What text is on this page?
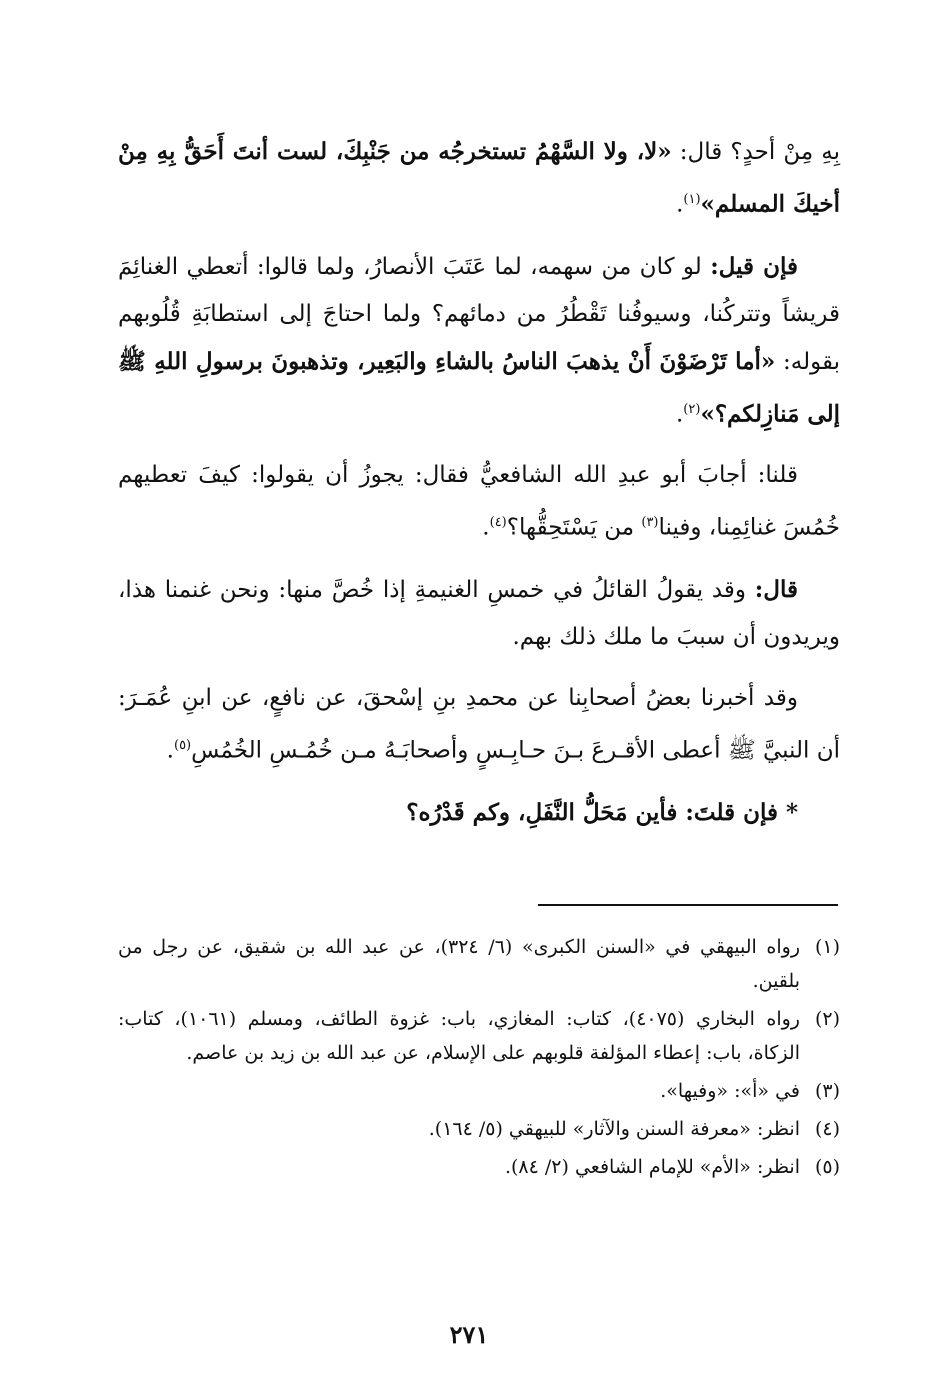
بِهِ مِنْ أحدٍ؟ قال: «لا، ولا السَّهْمُ تستخرجُه من جَنْبِكَ، لست أنتَ أَحَقُّ بِهِ مِنْ أخيكَ المسلم»$^{(١)}$.

فإن قيل: لو كان من سهمه، لما عَتَبَ الأنصارُ، ولما قالوا: أتعطي الغنائِمَ قريشاً وتتركُنا، وسيوفُنا تَقْطُرُ من دمائهم؟ ولما احتاجَ إلى استطابَةِ قُلُوبهم بقوله: «أما تَرْضَوْنَ أَنْ يذهبَ الناسُ بالشاءِ والبَعِير، وتذهبونَ برسولِ اللهِ ﷺ إلى مَنازِلكم؟»$^{(٢)}$.

قلنا: أجابَ أبو عبدِ الله الشافعيُّ فقال: يجوزُ أن يقولوا: كيفَ تعطيهم خُمُسَ غنائِمِنا، وفينا$^{(٣)}$ من يَسْتَحِقُّها؟$^{(٤)}$.

قال: وقد يقولُ القائلُ في خمسِ الغنيمةِ إذا خُصَّ منها: ونحن غنمنا هذا، ويريدون أن سببَ ما ملك ذلك بهم.

وقد أخبرنا بعضُ أصحابِنا عن محمدِ بنِ إسْحقَ، عن نافعٍ، عن ابنِ عُمَـرَ: أن النبيَّ ﷺ أعطى الأقـرعَ بـنَ حـابِـسٍ وأصحابَـهُ مـن خُمُـسِ الخُمُسِ$^{(٥)}$.

* فإن قلتَ: فأين مَحَلُّ النَّفَلِ، وكم قَدْرُه؟

(١)
رواه البيهقي في «السنن الكبرى» (٦/ ٣٢٤)، عن عبد الله بن شقيق، عن رجل من بلقين.
(٢)
رواه البخاري (٤٠٧٥)، كتاب: المغازي، باب: غزوة الطائف، ومسلم (١٠٦١)، كتاب: الزكاة، باب: إعطاء المؤلفة قلوبهم على الإسلام، عن عبد الله بن زيد بن عاصم.
(٣)
في «أ»: «وفيها».
(٤)
انظر: «معرفة السنن والآثار» للبيهقي (٥/ ١٦٤).
(٥)
انظر: «الأم» للإمام الشافعي (٢/ ٨٤).
٢٧١
